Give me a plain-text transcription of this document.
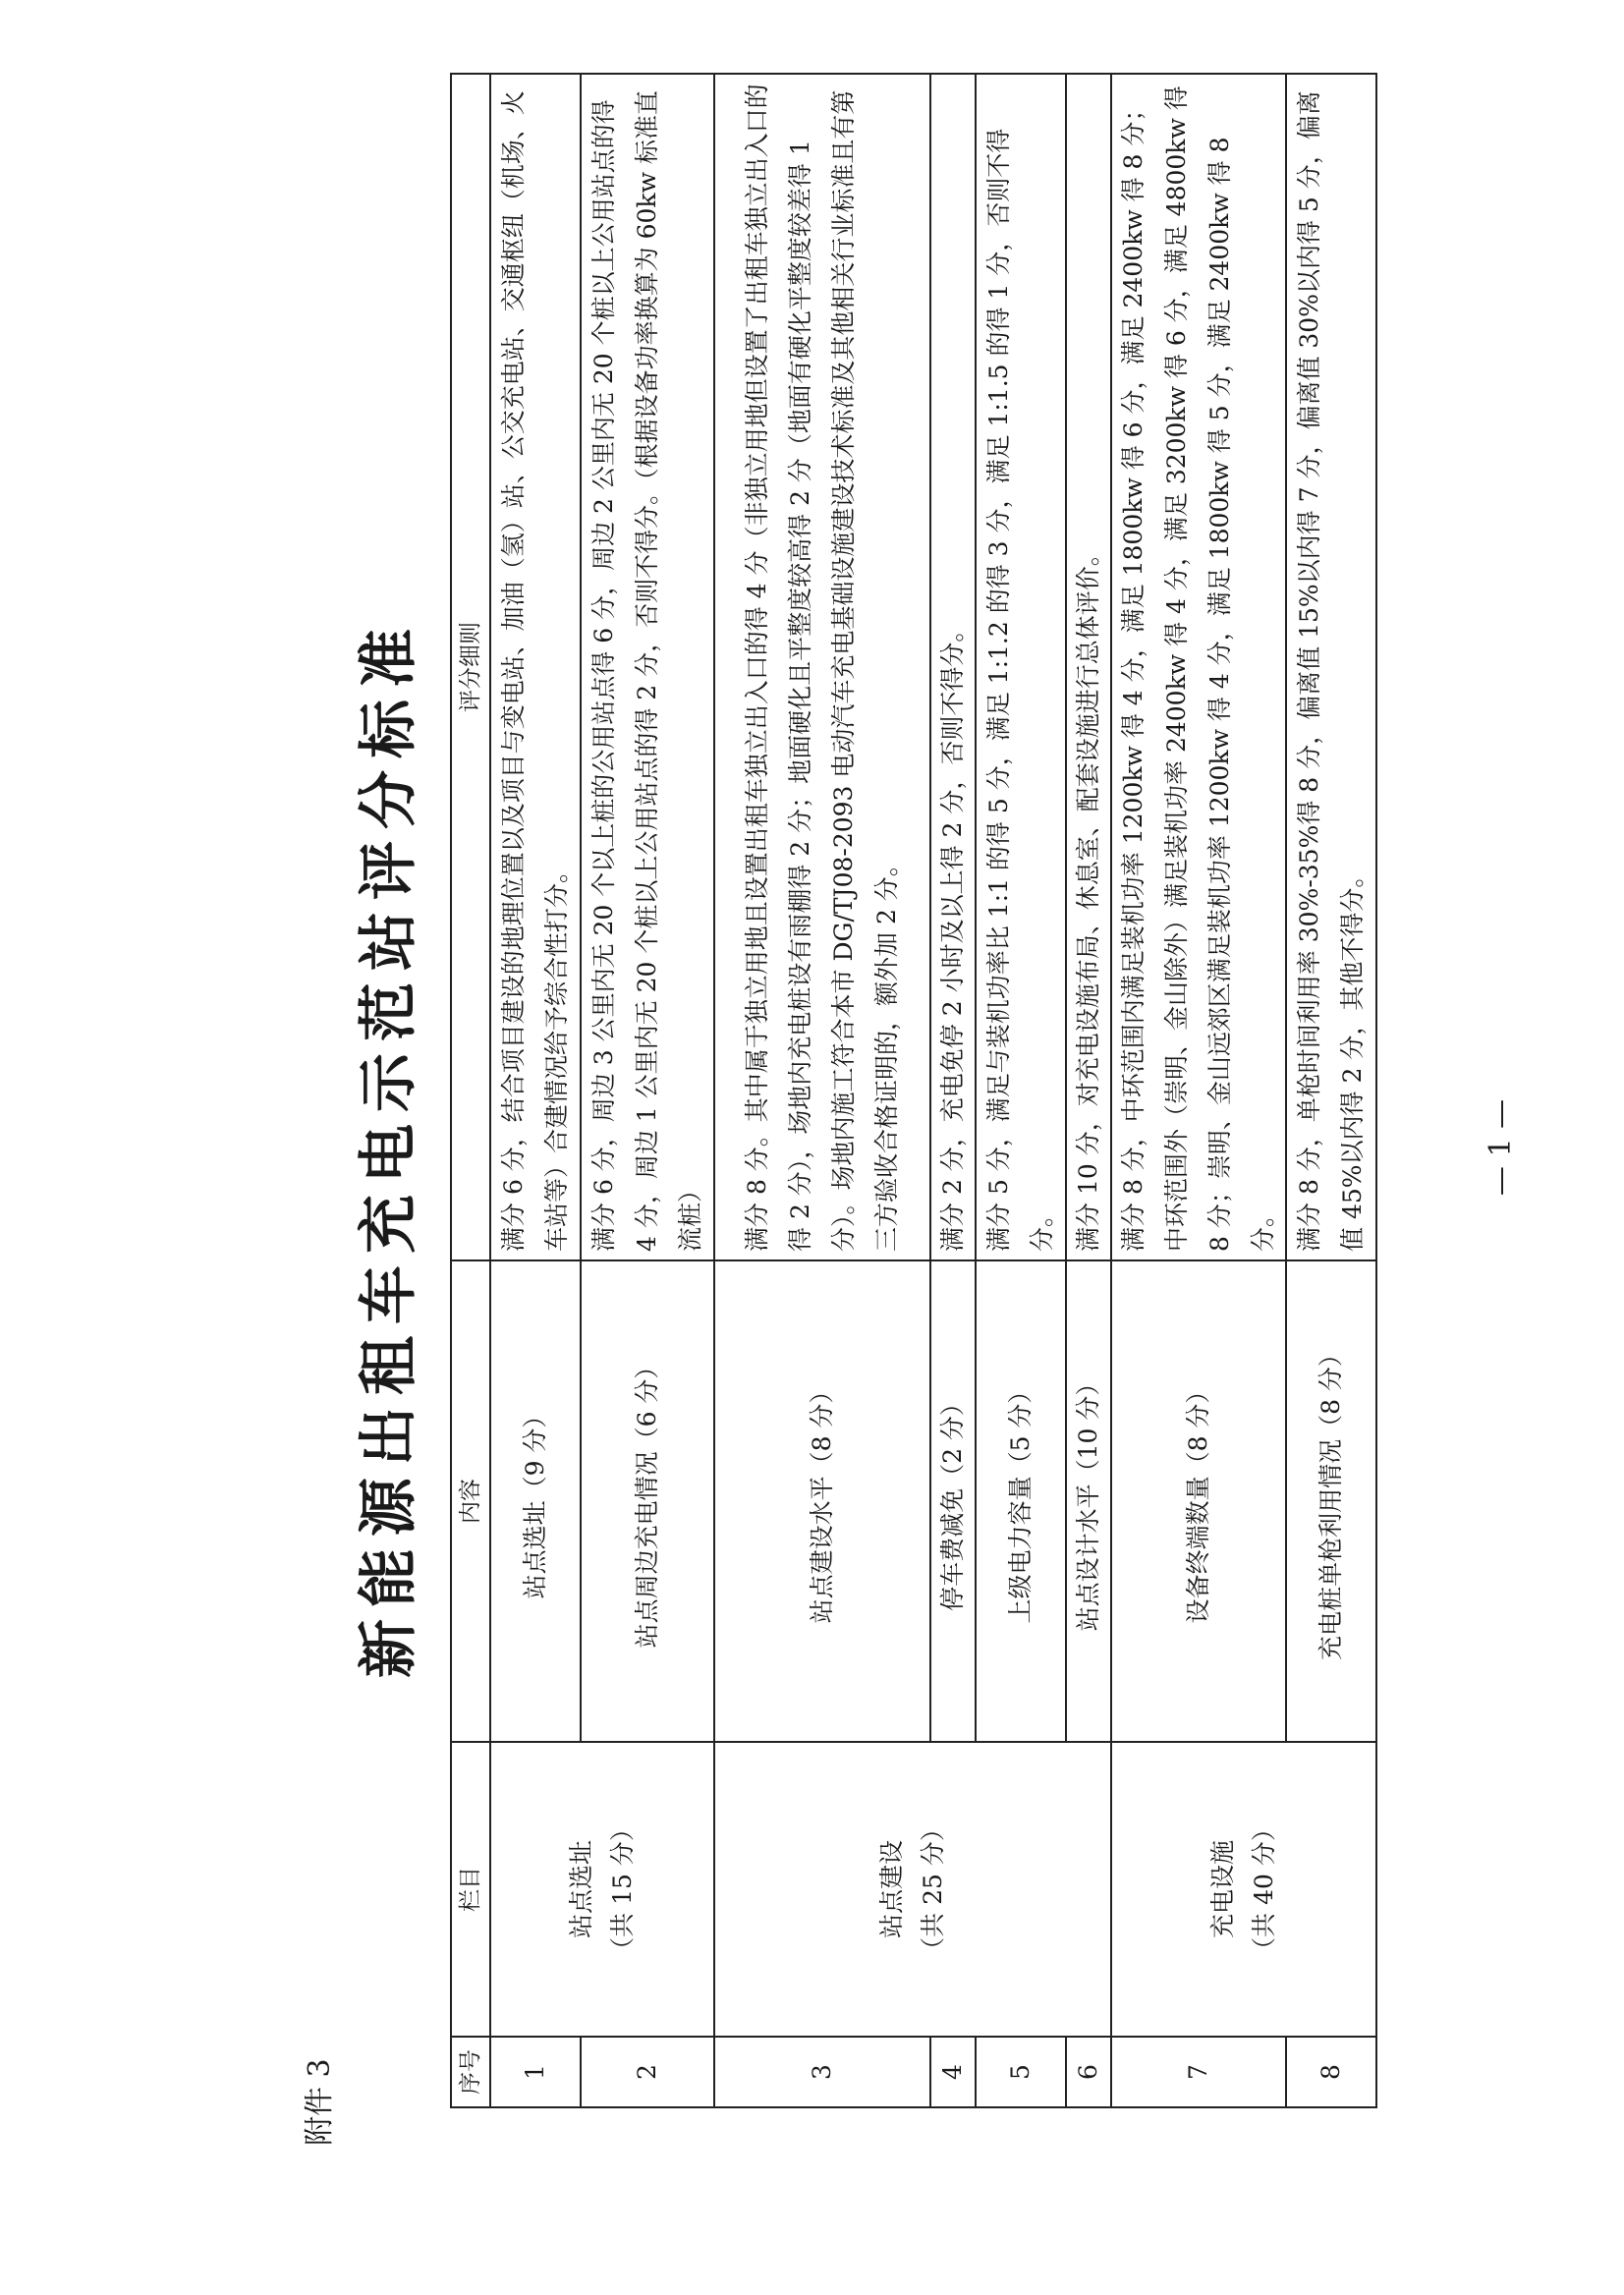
附件 3
新能源出租车充电示范站评分标准
序号	栏目	内容	评分细则
1	站点选址 （共 15 分）	站点选址（9 分）	满分 6 分，结合项目建设的地理位置以及项目与变电站、加油（氢）站、公交充电站、交通枢纽（机场、火车站等）合建情况给予综合性打分。
2		站点周边充电情况（6 分）	满分 6 分，周边 3 公里内无 20 个以上桩的公用站点得 6 分，周边 2 公里内无 20 个桩以上公用站点的得 4 分，周边 1 公里内无 20 个桩以上公用站点的得 2 分，否则不得分。（根据设备功率换算为 60kw 标准直流桩）
3	站点建设 （共 25 分）	站点建设水平（8 分）	满分 8 分。其中属于独立用地且设置出租车独立出入口的得 4 分（非独立用地但设置了出租车独立出入口的得 2 分），场地内充电桩设有雨棚得 2 分；地面硬化且平整度较高得 2 分（地面有硬化平整度较差得 1 分）。场地内施工符合本市 DG/TJ08-2093 电动汽车充电基础设施建设技术标准及其他相关行业标准且有第三方验收合格证明的，额外加 2 分。
4		停车费减免（2 分）	满分 2 分，充电免停 2 小时及以上得 2 分，否则不得分。
5		上级电力容量（5 分）	满分 5 分，满足与装机功率比 1:1 的得 5 分，满足 1:1.2 的得 3 分，满足 1:1.5 的得 1 分，否则不得分。
6		站点设计水平（10 分）	满分 10 分，对充电设施布局、休息室、配套设施进行总体评价。
7	充电设施 （共 40 分）	设备终端数量（8 分）	满分 8 分，中环范围内满足装机功率 1200kw 得 4 分，满足 1800kw 得 6 分，满足 2400kw 得 8 分；中环范围外（崇明、金山除外）满足装机功率 2400kw 得 4 分，满足 3200kw 得 6 分，满足 4800kw 得 8 分；崇明、金山远郊区满足装机功率 1200kw 得 4 分，满足 1800kw 得 5 分，满足 2400kw 得 8 分。
8		充电桩单枪利用情况（8 分）	满分 8 分，单枪时间利用率 30%-35%得 8 分，偏离值 15%以内得 7 分，偏离值 30%以内得 5 分，偏离值 45%以内得 2 分，其他不得分。	— 1 —
